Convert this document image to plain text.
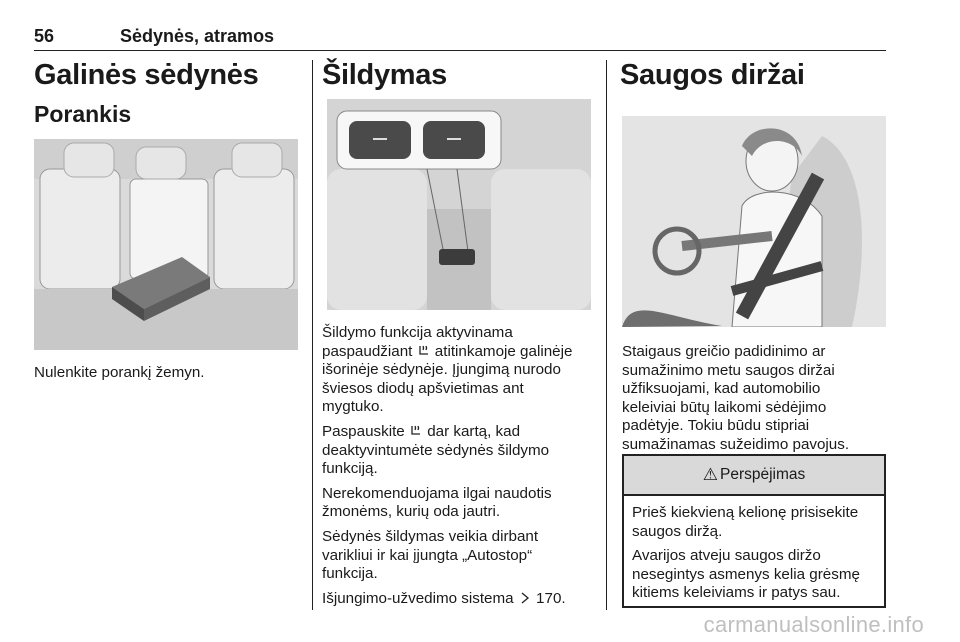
56	Sėdynės, atramos
Galinės sėdynės
Porankis

Nulenkite porankį žemyn.

Šildymas

Šildymo funkcija aktyvinama
paspaudžiant  atitinkamoje galinėje
išorinėje sėdynėje. Įjungimą nurodo
šviesos diodų apšvietimas ant
mygtuko.

Paspauskite  dar kartą, kad
deaktyvintumėte sėdynės šildymo
funkciją.

Nerekomenduojama ilgai naudotis
žmonėms, kurių oda jautri.

Sėdynės šildymas veikia dirbant
varikliui ir kai įjungta „Autostop“
funkcija.

Išjungimo-užvedimo sistema  170.

Saugos diržai

Staigaus greičio padidinimo ar
sumažinimo metu saugos diržai
užfiksuojami, kad automobilio
keleiviai būtų laikomi sėdėjimo
padėtyje. Tokiu būdu stipriai
sumažinamas sužeidimo pavojus.

⚠ Perspėjimas

Prieš kiekvieną kelionę prisisekite
saugos diržą.

Avarijos atveju saugos diržo
nesegintys asmenys kelia grėsmę
kitiems keleiviams ir patys sau.

carmanualsonline.info
